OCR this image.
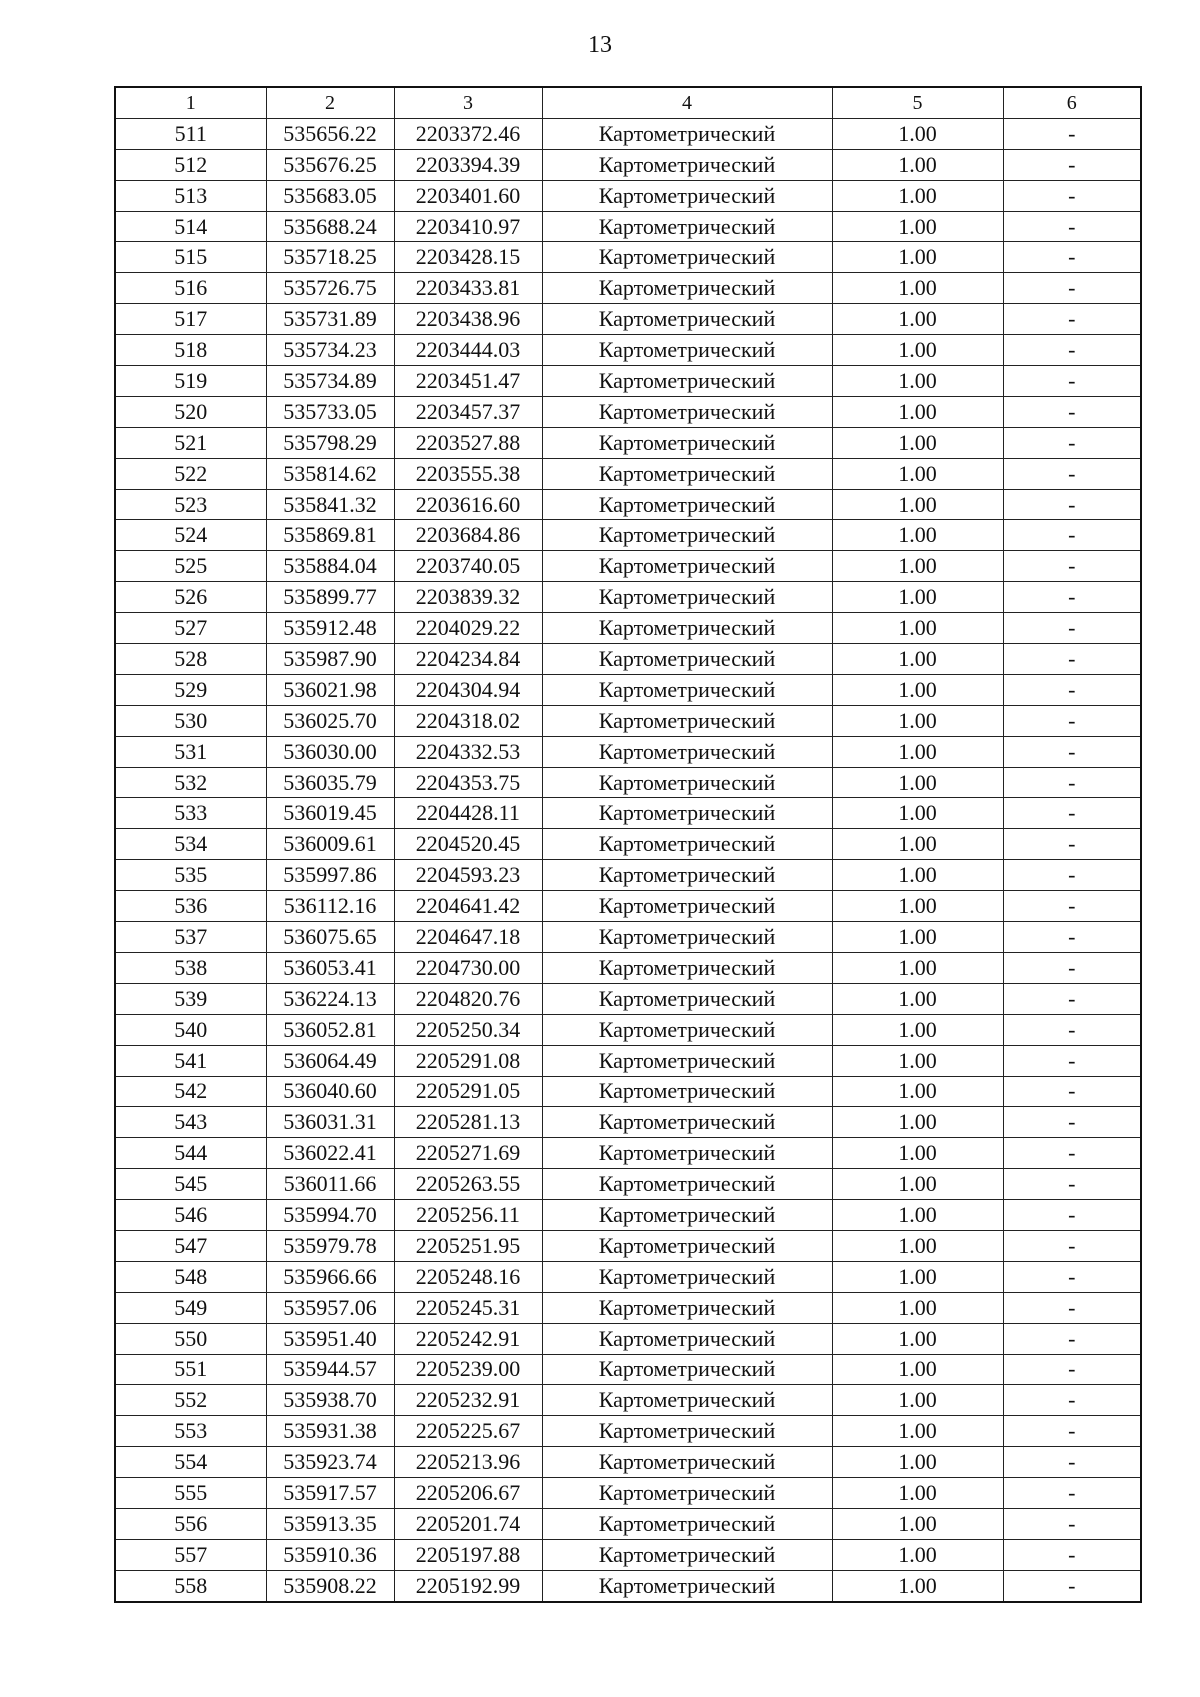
13
1	2	3	4	5	6
511	535656.22	2203372.46	Картометрический	1.00	-
512	535676.25	2203394.39	Картометрический	1.00	-
513	535683.05	2203401.60	Картометрический	1.00	-
514	535688.24	2203410.97	Картометрический	1.00	-
515	535718.25	2203428.15	Картометрический	1.00	-
516	535726.75	2203433.81	Картометрический	1.00	-
517	535731.89	2203438.96	Картометрический	1.00	-
518	535734.23	2203444.03	Картометрический	1.00	-
519	535734.89	2203451.47	Картометрический	1.00	-
520	535733.05	2203457.37	Картометрический	1.00	-
521	535798.29	2203527.88	Картометрический	1.00	-
522	535814.62	2203555.38	Картометрический	1.00	-
523	535841.32	2203616.60	Картометрический	1.00	-
524	535869.81	2203684.86	Картометрический	1.00	-
525	535884.04	2203740.05	Картометрический	1.00	-
526	535899.77	2203839.32	Картометрический	1.00	-
527	535912.48	2204029.22	Картометрический	1.00	-
528	535987.90	2204234.84	Картометрический	1.00	-
529	536021.98	2204304.94	Картометрический	1.00	-
530	536025.70	2204318.02	Картометрический	1.00	-
531	536030.00	2204332.53	Картометрический	1.00	-
532	536035.79	2204353.75	Картометрический	1.00	-
533	536019.45	2204428.11	Картометрический	1.00	-
534	536009.61	2204520.45	Картометрический	1.00	-
535	535997.86	2204593.23	Картометрический	1.00	-
536	536112.16	2204641.42	Картометрический	1.00	-
537	536075.65	2204647.18	Картометрический	1.00	-
538	536053.41	2204730.00	Картометрический	1.00	-
539	536224.13	2204820.76	Картометрический	1.00	-
540	536052.81	2205250.34	Картометрический	1.00	-
541	536064.49	2205291.08	Картометрический	1.00	-
542	536040.60	2205291.05	Картометрический	1.00	-
543	536031.31	2205281.13	Картометрический	1.00	-
544	536022.41	2205271.69	Картометрический	1.00	-
545	536011.66	2205263.55	Картометрический	1.00	-
546	535994.70	2205256.11	Картометрический	1.00	-
547	535979.78	2205251.95	Картометрический	1.00	-
548	535966.66	2205248.16	Картометрический	1.00	-
549	535957.06	2205245.31	Картометрический	1.00	-
550	535951.40	2205242.91	Картометрический	1.00	-
551	535944.57	2205239.00	Картометрический	1.00	-
552	535938.70	2205232.91	Картометрический	1.00	-
553	535931.38	2205225.67	Картометрический	1.00	-
554	535923.74	2205213.96	Картометрический	1.00	-
555	535917.57	2205206.67	Картометрический	1.00	-
556	535913.35	2205201.74	Картометрический	1.00	-
557	535910.36	2205197.88	Картометрический	1.00	-
558	535908.22	2205192.99	Картометрический	1.00	-
